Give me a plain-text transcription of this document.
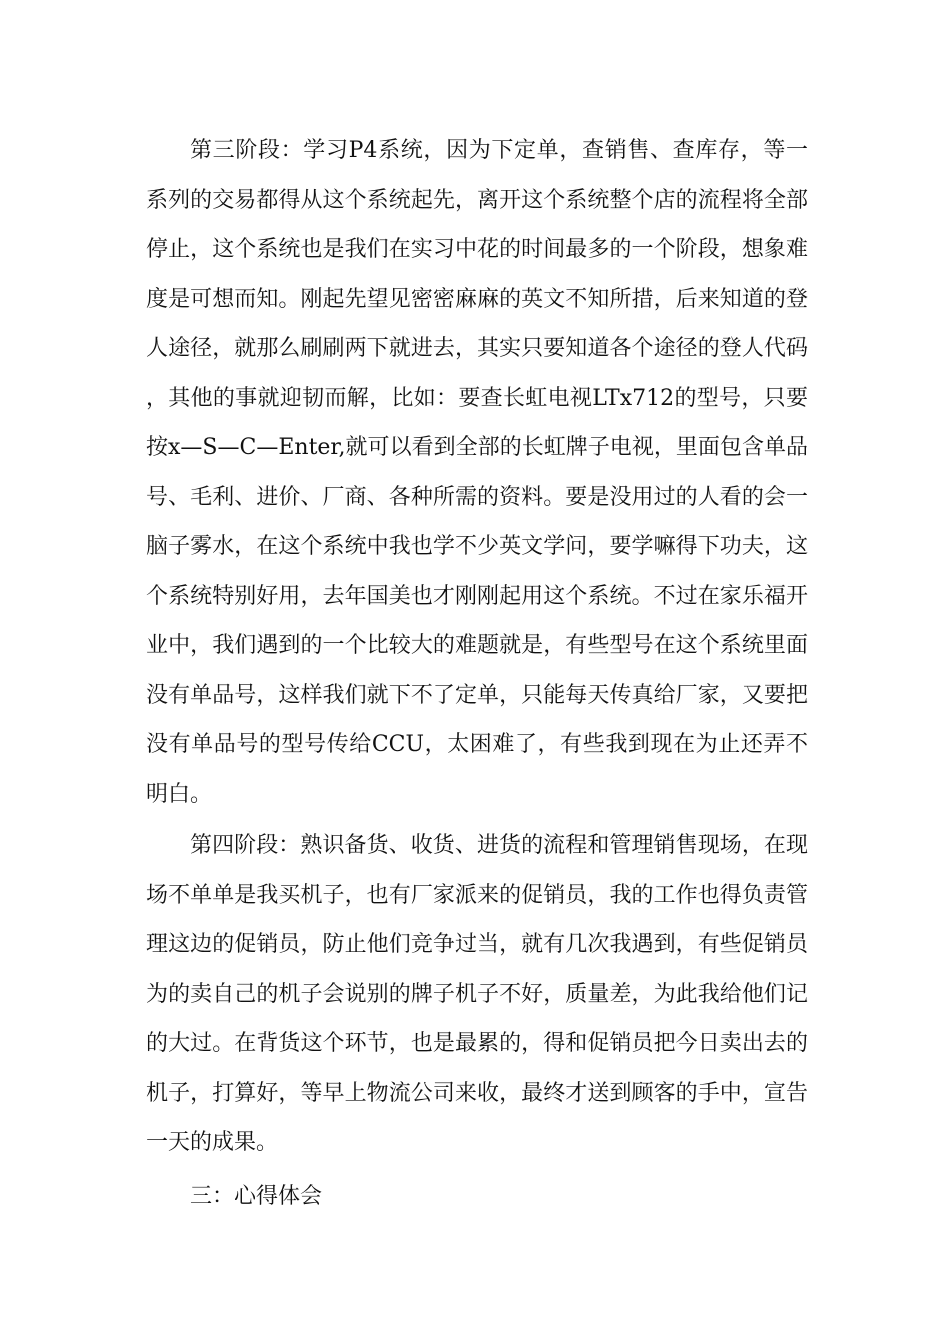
第三阶段：学习P4系统，因为下定单，查销售、查库存，等一系列的交易都得从这个系统起先，离开这个系统整个店的流程将全部停止，这个系统也是我们在实习中花的时间最多的一个阶段，想象难度是可想而知。刚起先望见密密麻麻的英文不知所措，后来知道的登人途径，就那么刷刷两下就进去，其实只要知道各个途径的登人代码，其他的事就迎韧而解，比如：要查长虹电视LTx712的型号，只要按x—S—C—Enter,就可以看到全部的长虹牌子电视，里面包含单品号、毛利、进价、厂商、各种所需的资料。要是没用过的人看的会一脑子雾水，在这个系统中我也学不少英文学问，要学嘛得下功夫，这个系统特别好用，去年国美也才刚刚起用这个系统。不过在家乐福开业中，我们遇到的一个比较大的难题就是，有些型号在这个系统里面没有单品号，这样我们就下不了定单，只能每天传真给厂家，又要把没有单品号的型号传给CCU，太困难了，有些我到现在为止还弄不明白。

第四阶段：熟识备货、收货、进货的流程和管理销售现场，在现场不单单是我买机子，也有厂家派来的促销员，我的工作也得负责管理这边的促销员，防止他们竞争过当，就有几次我遇到，有些促销员为的卖自己的机子会说别的牌子机子不好，质量差，为此我给他们记的大过。在背货这个环节，也是最累的，得和促销员把今日卖出去的机子，打算好，等早上物流公司来收，最终才送到顾客的手中，宣告一天的成果。

三：心得体会
